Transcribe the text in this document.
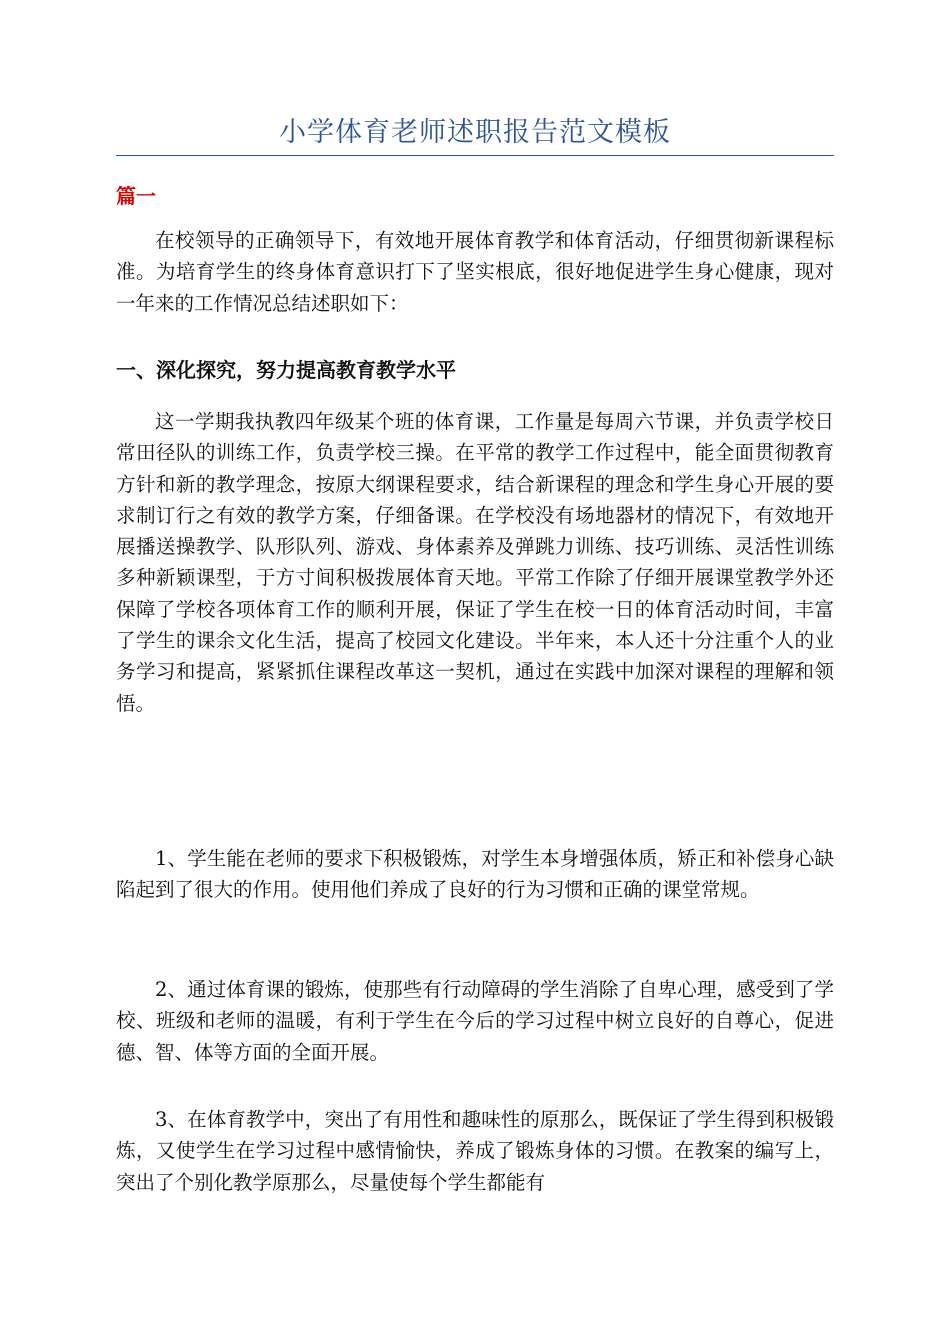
小学体育老师述职报告范文模板
篇一

在校领导的正确领导下，有效地开展体育教学和体育活动，仔细贯彻新课程标准。为培育学生的终身体育意识打下了坚实根底，很好地促进学生身心健康，现对一年来的工作情况总结述职如下：

一、深化探究，努力提高教育教学水平

这一学期我执教四年级某个班的体育课，工作量是每周六节课，并负责学校日常田径队的训练工作，负责学校三操。在平常的教学工作过程中，能全面贯彻教育方针和新的教学理念，按原大纲课程要求，结合新课程的理念和学生身心开展的要求制订行之有效的教学方案，仔细备课。在学校没有场地器材的情况下，有效地开展播送操教学、队形队列、游戏、身体素养及弹跳力训练、技巧训练、灵活性训练多种新颖课型，于方寸间积极拨展体育天地。平常工作除了仔细开展课堂教学外还保障了学校各项体育工作的顺利开展，保证了学生在校一日的体育活动时间，丰富了学生的课余文化生活，提高了校园文化建设。半年来，本人还十分注重个人的业务学习和提高，紧紧抓住课程改革这一契机，通过在实践中加深对课程的理解和领悟。

1、学生能在老师的要求下积极锻炼，对学生本身增强体质，矫正和补偿身心缺陷起到了很大的作用。使用他们养成了良好的行为习惯和正确的课堂常规。

2、通过体育课的锻炼，使那些有行动障碍的学生消除了自卑心理，感受到了学校、班级和老师的温暖，有利于学生在今后的学习过程中树立良好的自尊心，促进德、智、体等方面的全面开展。

3、在体育教学中，突出了有用性和趣味性的原那么，既保证了学生得到积极锻炼，又使学生在学习过程中感情愉快，养成了锻炼身体的习惯。在教案的编写上，突出了个别化教学原那么，尽量使每个学生都能有
